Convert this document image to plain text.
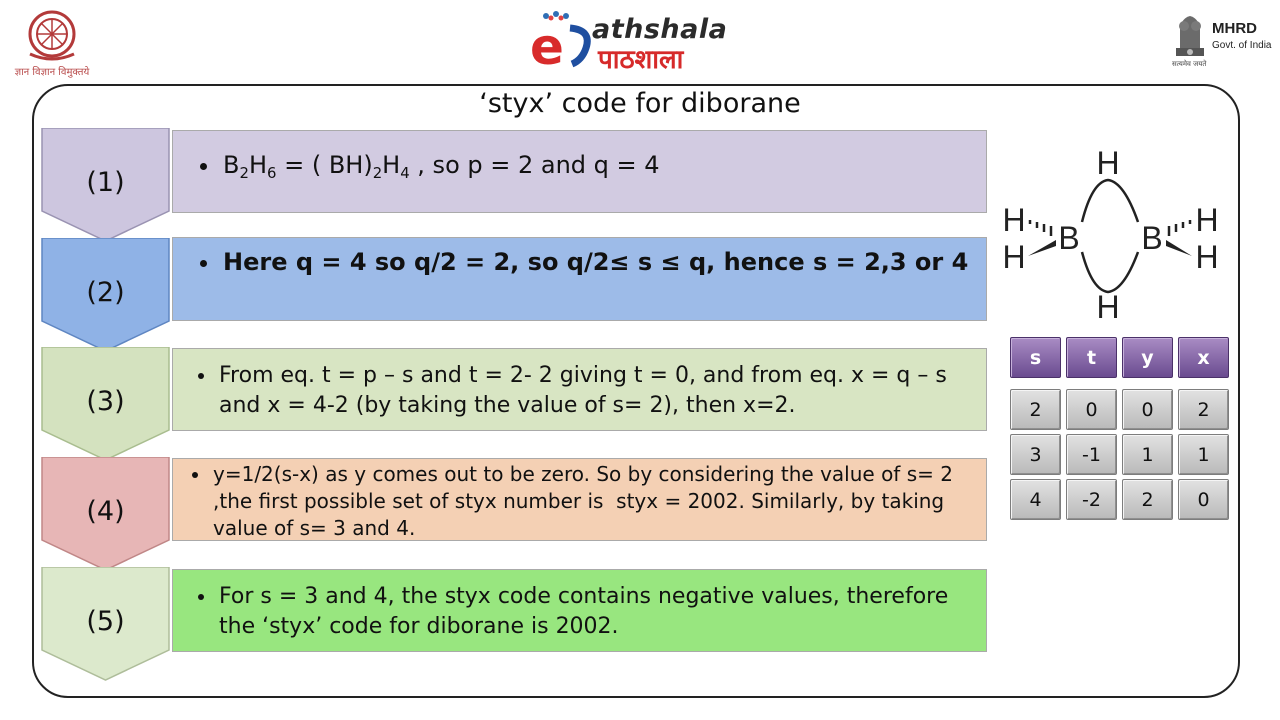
ज्ञान विज्ञान विमुक्तये	e athshala
पाठशाला
MHRD
Govt. of India
सत्यमेव जयते
‘styx’ code for diborane
(1)
(2)
(3)
(4)
(5)
• $B_2H_6$ = ( $BH)_2H_4$ , so p = 2 and q = 4
• Here q = 4 so q/2 = 2, so q/2≤ s ≤ q, hence s = 2,3 or 4
• From eq. t = p – s and t = 2- 2 giving t = 0, and from eq. x = q – s and x = 4-2 (by taking the value of s= 2), then x=2.
• y=1/2(s-x) as y comes out to be zero. So by considering the value of s= 2 ,the first possible set of styx number is  styx = 2002. Similarly, by taking value of s= 3 and 4.
• For s = 3 and 4, the styx code contains negative values, therefore the ‘styx’ code for diborane is 2002.
H
H B B H
H	H
H
s	t	y	x
2	0	0	2
3	-1	1	1
4	-2	2	0
